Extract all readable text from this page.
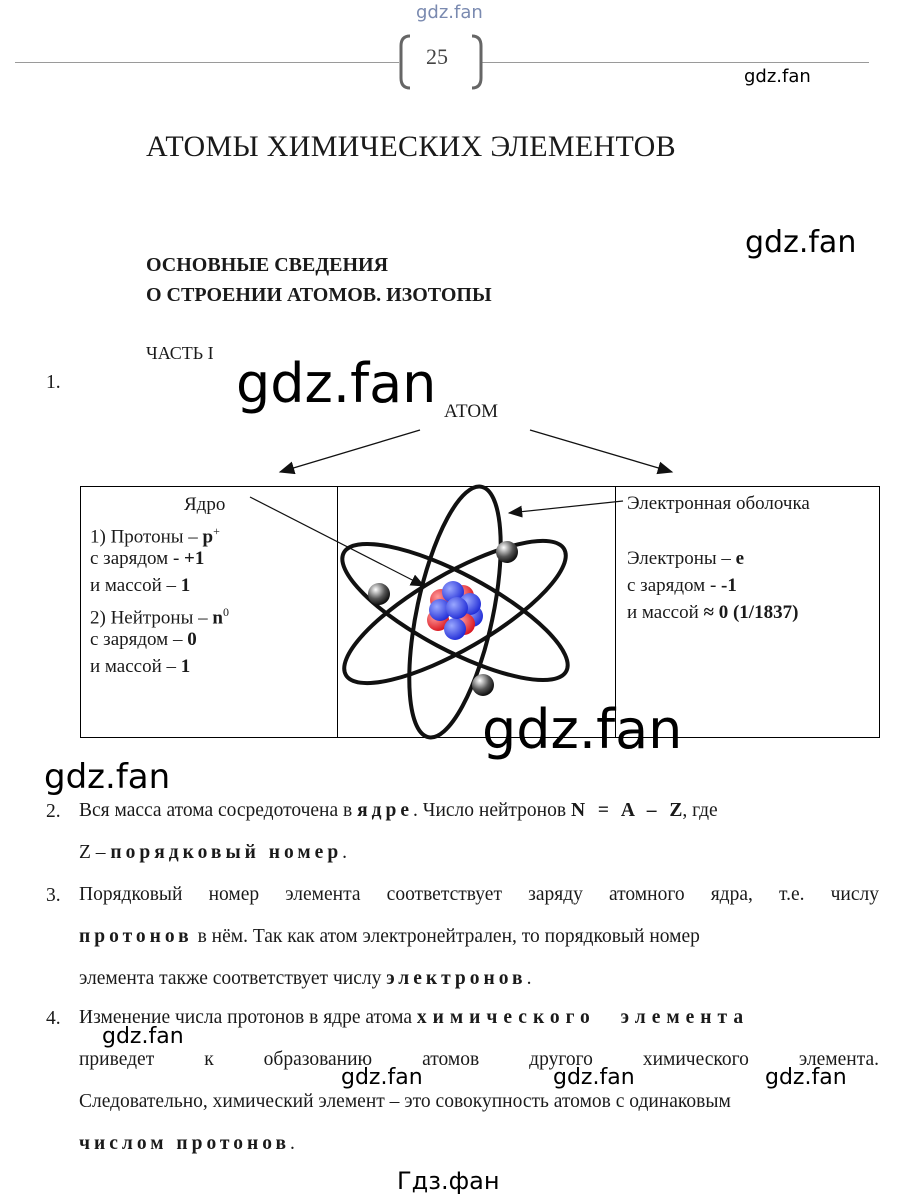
gdz.fan
25
gdz.fan
АТОМЫ ХИМИЧЕСКИХ ЭЛЕМЕНТОВ
gdz.fan
ОСНОВНЫЕ СВЕДЕНИЯ
О СТРОЕНИИ АТОМОВ. ИЗОТОПЫ
ЧАСТЬ I
1.	gdz.fan АТОМ
Ядро
1) Протоны – p+
с зарядом - +1
и массой – 1
2) Нейтроны – $n^0$
с зарядом – 0
и массой – 1
Электронная оболочка
Электроны – e
с зарядом - -1
и массой ≈ 0 (1/1837)
gdz.fan
gdz.fan
2. Вся масса атома сосредоточена в ядре. Число нейтронов N = A – Z, где
Z – порядковый номер.
3. Порядковый номер элемента соответствует заряду атомного ядра, т.е. числу
протонов в нём. Так как атом электронейтрален, то порядковый номер
элемента также соответствует числу электронов.
4. Изменение числа протонов в ядре атома химического элемента
приведет к образованию атомов другого химического элемента.
Следовательно, химический элемент – это совокупность атомов с одинаковым
числом протонов.
gdz.fan
gdz.fan	gdz.fan	gdz.fan
Гдз.фан
